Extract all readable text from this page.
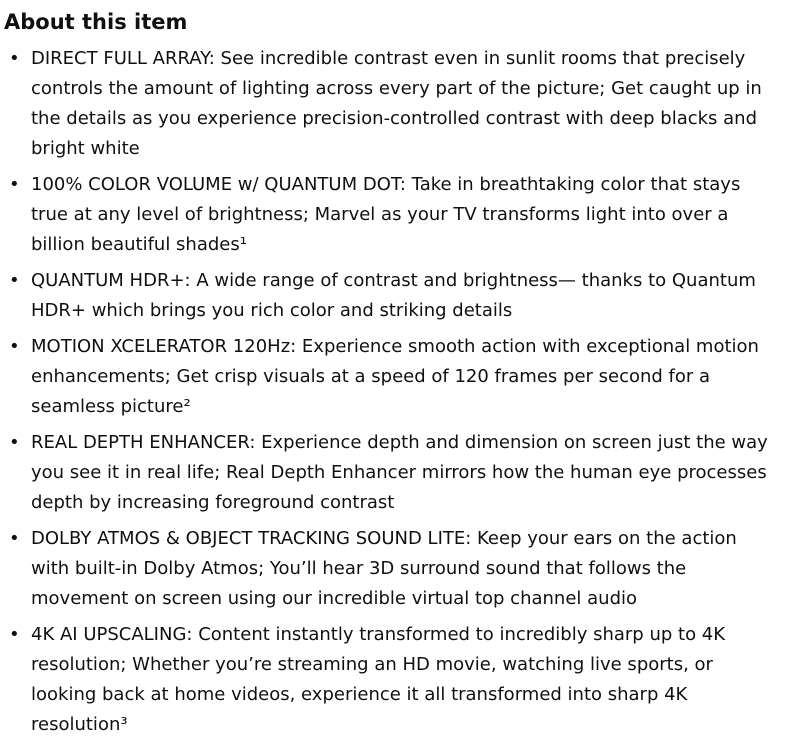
About this item
• DIRECT FULL ARRAY: See incredible contrast even in sunlit rooms that precisely controls the amount of lighting across every part of the picture; Get caught up in the details as you experience precision-controlled contrast with deep blacks and bright white
• 100% COLOR VOLUME w/ QUANTUM DOT: Take in breathtaking color that stays true at any level of brightness; Marvel as your TV transforms light into over a billion beautiful shades¹
• QUANTUM HDR+: A wide range of contrast and brightness— thanks to Quantum HDR+ which brings you rich color and striking details
• MOTION XCELERATOR 120Hz: Experience smooth action with exceptional motion enhancements; Get crisp visuals at a speed of 120 frames per second for a seamless picture²
• REAL DEPTH ENHANCER: Experience depth and dimension on screen just the way you see it in real life; Real Depth Enhancer mirrors how the human eye processes depth by increasing foreground contrast
• DOLBY ATMOS & OBJECT TRACKING SOUND LITE: Keep your ears on the action with built-in Dolby Atmos; You’ll hear 3D surround sound that follows the movement on screen using our incredible virtual top channel audio
• 4K AI UPSCALING: Content instantly transformed to incredibly sharp up to 4K resolution; Whether you’re streaming an HD movie, watching live sports, or looking back at home videos, experience it all transformed into sharp 4K resolution³
